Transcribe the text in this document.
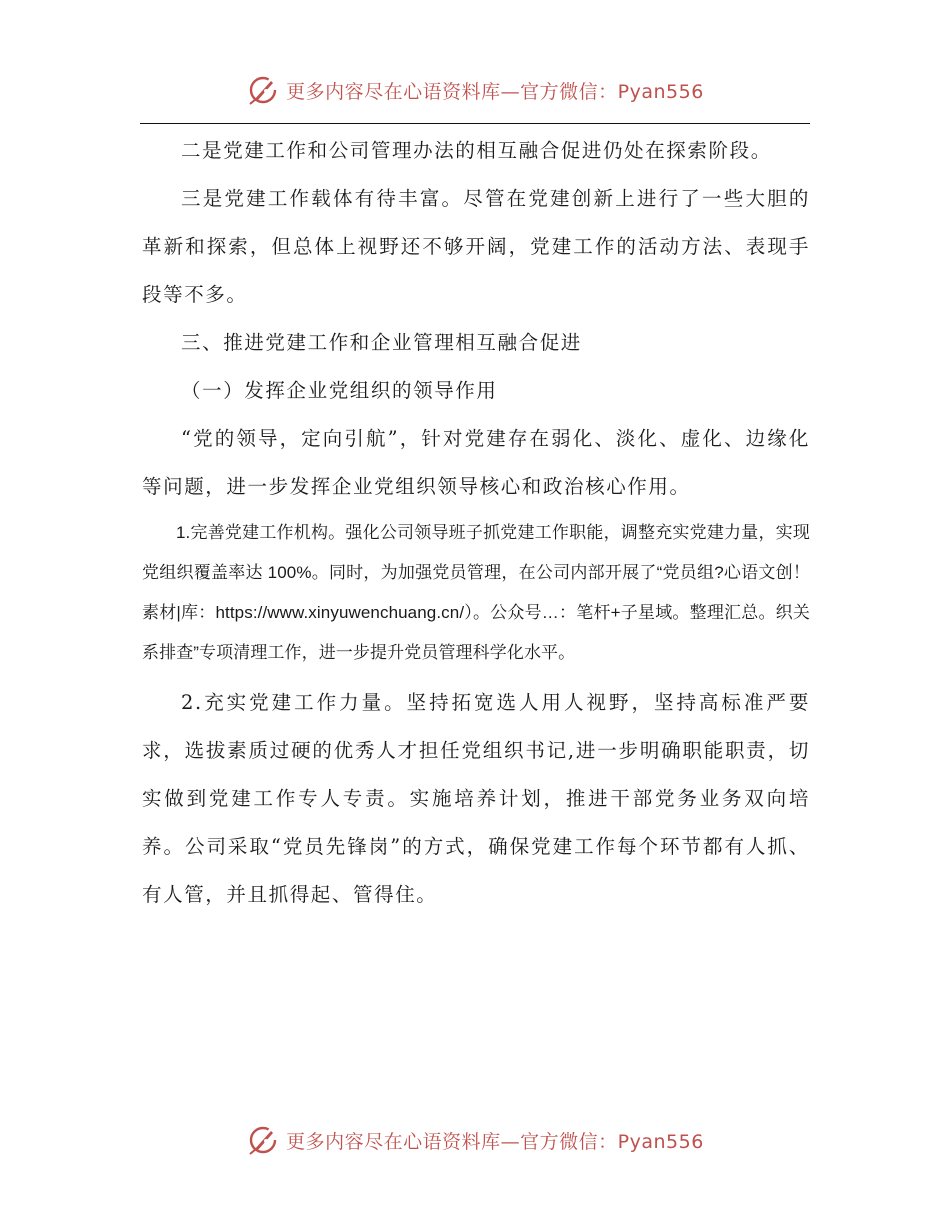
更多内容尽在心语资料库—官方微信：Pyan556

二是党建工作和公司管理办法的相互融合促进仍处在探索阶段。

三是党建工作载体有待丰富。尽管在党建创新上进行了一些大胆的革新和探索，但总体上视野还不够开阔，党建工作的活动方法、表现手段等不多。

三、推进党建工作和企业管理相互融合促进

（一）发挥企业党组织的领导作用

“党的领导，定向引航”，针对党建存在弱化、淡化、虚化、边缘化等问题，进一步发挥企业党组织领导核心和政治核心作用。

1.完善党建工作机构。强化公司领导班子抓党建工作职能，调整充实党建力量，实现党组织覆盖率达 100%。同时，为加强党员管理，在公司内部开展了“党员组?心语文创！素材|库：https://www.xinyuwenchuang.cn/）。公众号…：笔杆+子星域。整理汇总。织关系排查”专项清理工作，进一步提升党员管理科学化水平。

2.充实党建工作力量。坚持拓宽选人用人视野，坚持高标准严要求，选拔素质过硬的优秀人才担任党组织书记,进一步明确职能职责，切实做到党建工作专人专责。实施培养计划，推进干部党务业务双向培养。公司采取“党员先锋岗”的方式，确保党建工作每个环节都有人抓、有人管，并且抓得起、管得住。

更多内容尽在心语资料库—官方微信：Pyan556
